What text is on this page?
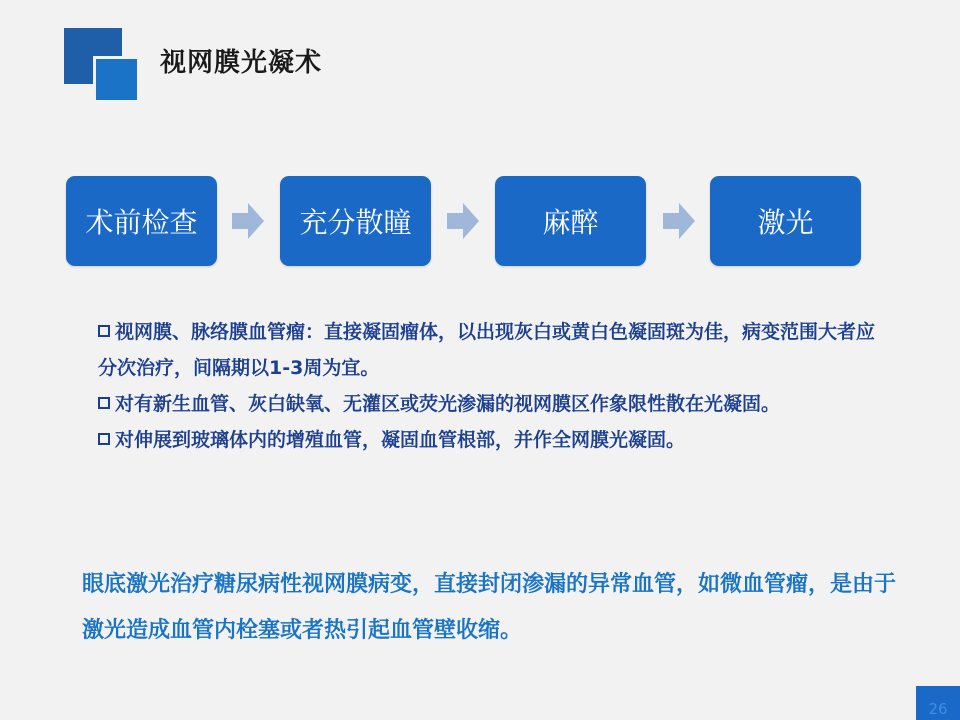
视网膜光凝术
术前检查	充分散瞳	麻醉	激光

视网膜、脉络膜血管瘤：直接凝固瘤体，以出现灰白或黄白色凝固斑为佳，病变范围大者应分次治疗，间隔期以1-3周为宜。

对有新生血管、灰白缺氧、无灌区或荧光渗漏的视网膜区作象限性散在光凝固。

对伸展到玻璃体内的增殖血管，凝固血管根部，并作全网膜光凝固。

眼底激光治疗糖尿病性视网膜病变，直接封闭渗漏的异常血管，如微血管瘤，是由于激光造成血管内栓塞或者热引起血管壁收缩。
26
